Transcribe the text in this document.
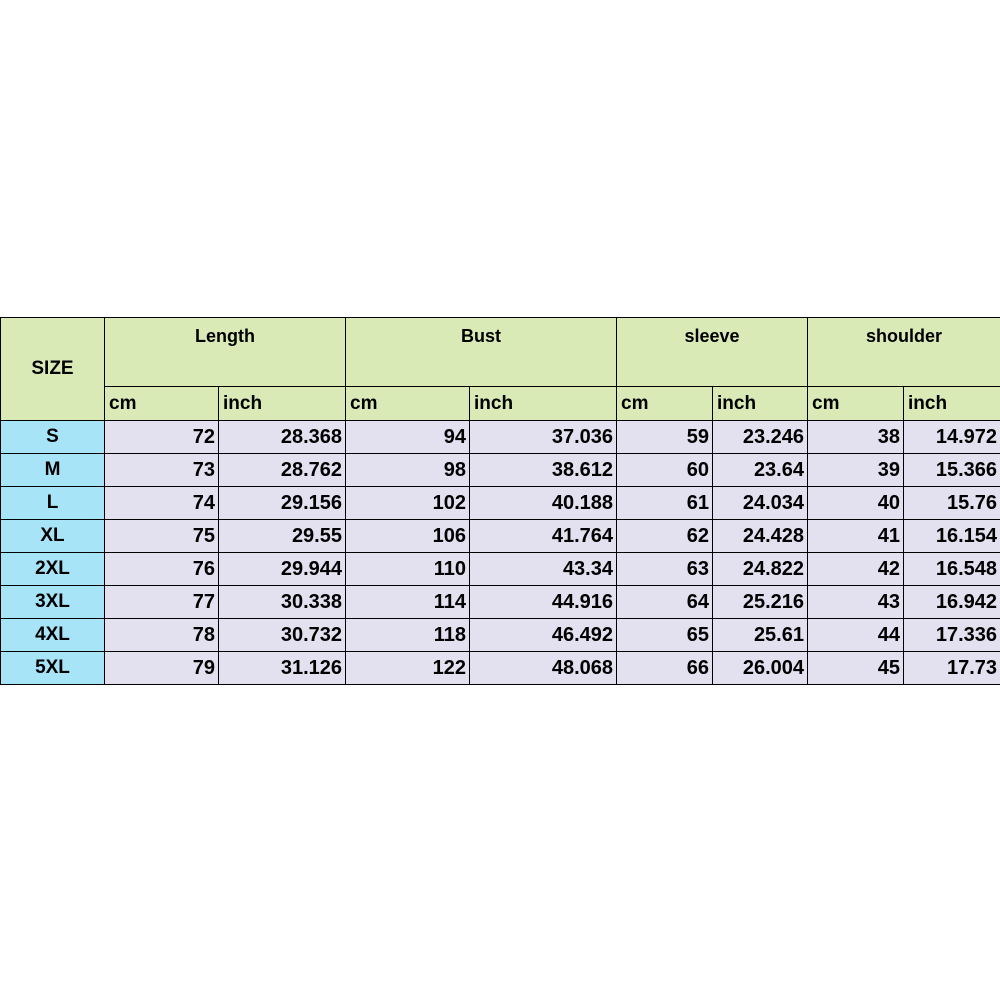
SIZE	Length		Bust		sleeve		shoulder	
	cm	inch	cm	inch	cm	inch	cm	inch
S	72	28.368	94	37.036	59	23.246	38	14.972
M	73	28.762	98	38.612	60	23.64	39	15.366
L	74	29.156	102	40.188	61	24.034	40	15.76
XL	75	29.55	106	41.764	62	24.428	41	16.154
2XL	76	29.944	110	43.34	63	24.822	42	16.548
3XL	77	30.338	114	44.916	64	25.216	43	16.942
4XL	78	30.732	118	46.492	65	25.61	44	17.336
5XL	79	31.126	122	48.068	66	26.004	45	17.73
